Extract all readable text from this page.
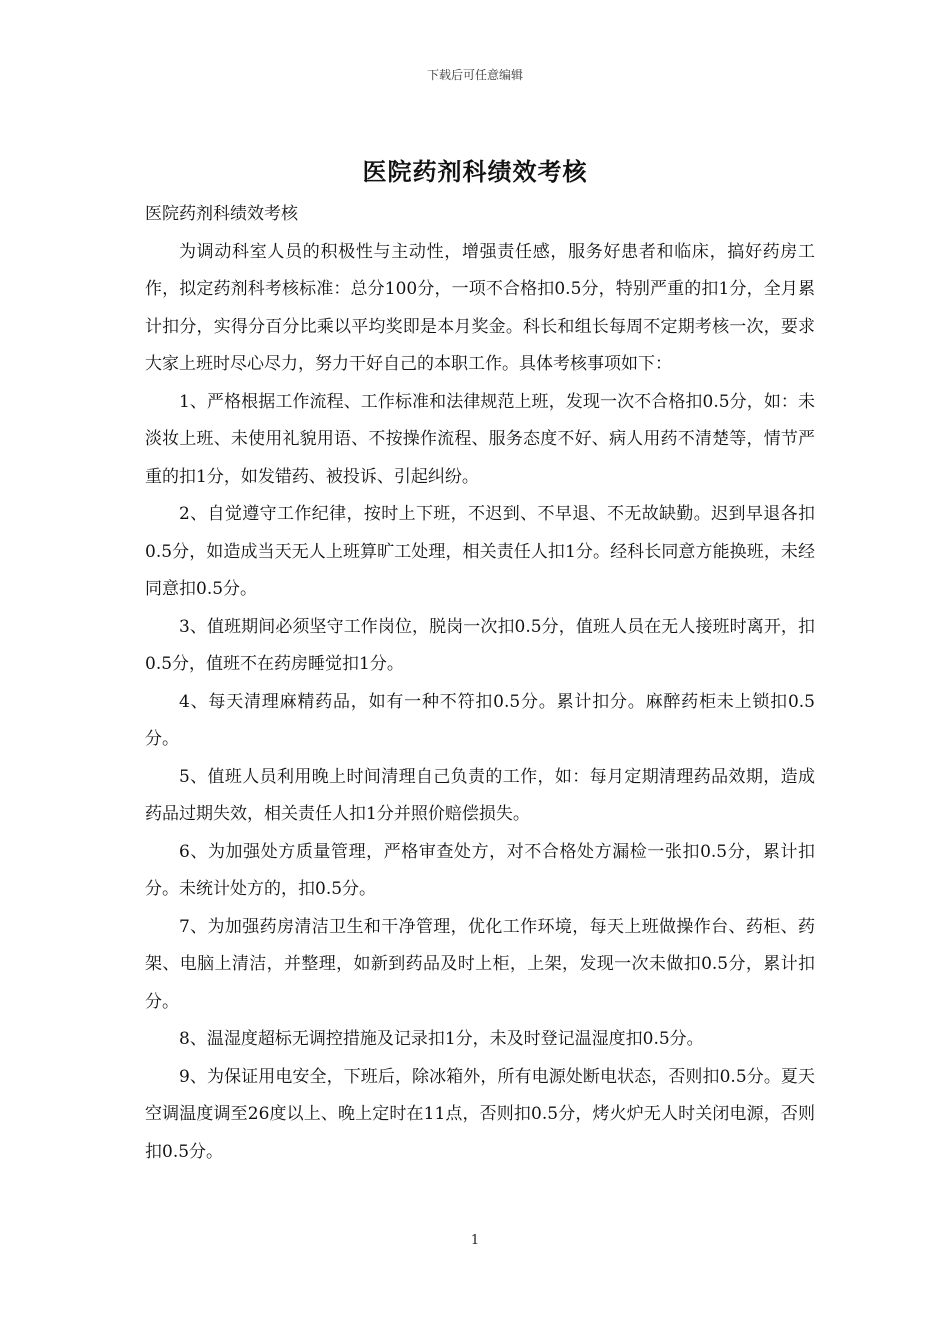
下载后可任意编辑
医院药剂科绩效考核

医院药剂科绩效考核

为调动科室人员的积极性与主动性，增强责任感，服务好患者和临床，搞好药房工作，拟定药剂科考核标准：总分100分，一项不合格扣0.5分，特别严重的扣1分，全月累计扣分，实得分百分比乘以平均奖即是本月奖金。科长和组长每周不定期考核一次，要求大家上班时尽心尽力，努力干好自己的本职工作。具体考核事项如下：

1、严格根据工作流程、工作标准和法律规范上班，发现一次不合格扣0.5分，如：未淡妆上班、未使用礼貌用语、不按操作流程、服务态度不好、病人用药不清楚等，情节严重的扣1分，如发错药、被投诉、引起纠纷。

2、自觉遵守工作纪律，按时上下班，不迟到、不早退、不无故缺勤。迟到早退各扣0.5分，如造成当天无人上班算旷工处理，相关责任人扣1分。经科长同意方能换班，未经同意扣0.5分。

3、值班期间必须坚守工作岗位，脱岗一次扣0.5分，值班人员在无人接班时离开，扣0.5分，值班不在药房睡觉扣1分。

4、每天清理麻精药品，如有一种不符扣0.5分。累计扣分。麻醉药柜未上锁扣0.5分。

5、值班人员利用晚上时间清理自己负责的工作，如：每月定期清理药品效期，造成药品过期失效，相关责任人扣1分并照价赔偿损失。

6、为加强处方质量管理，严格审查处方，对不合格处方漏检一张扣0.5分，累计扣分。未统计处方的，扣0.5分。

7、为加强药房清洁卫生和干净管理，优化工作环境，每天上班做操作台、药柜、药架、电脑上清洁，并整理，如新到药品及时上柜，上架，发现一次未做扣0.5分，累计扣分。

8、温湿度超标无调控措施及记录扣1分，未及时登记温湿度扣0.5分。

9、为保证用电安全，下班后，除冰箱外，所有电源处断电状态，否则扣0.5分。夏天空调温度调至26度以上、晚上定时在11点，否则扣0.5分，烤火炉无人时关闭电源，否则扣0.5分。

1
